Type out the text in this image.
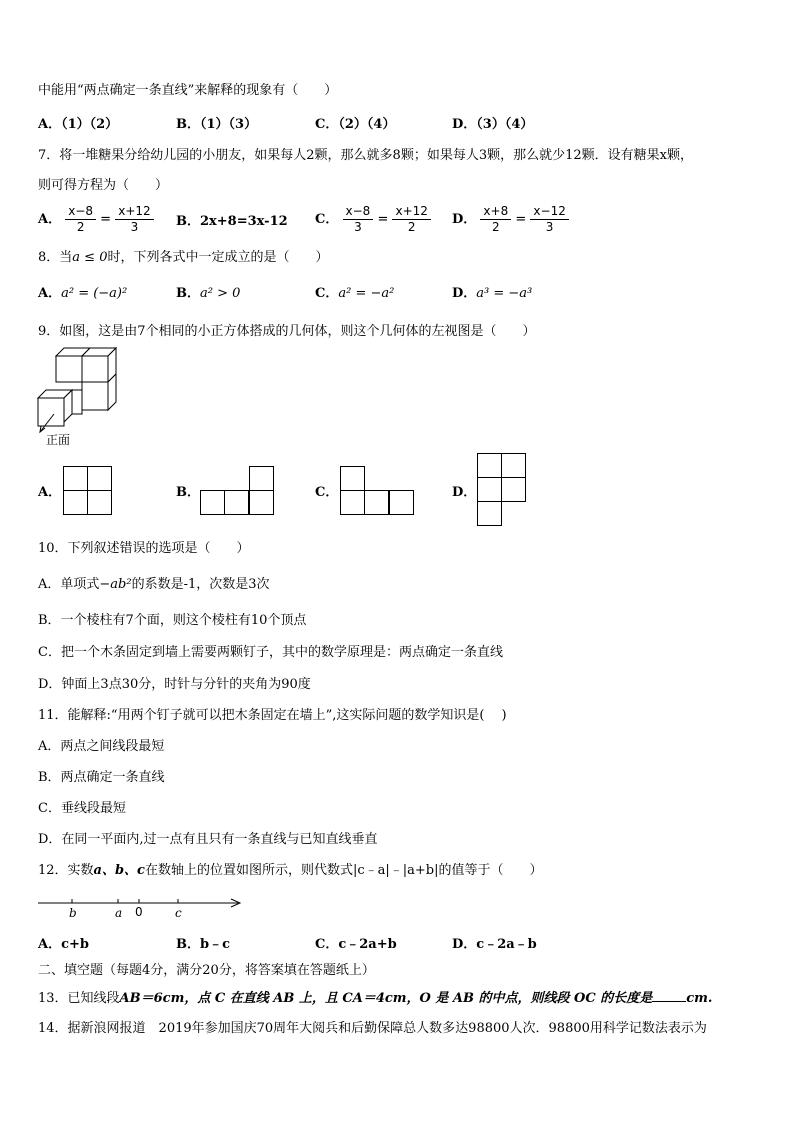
中能用“两点确定一条直线”来解释的现象有（　　）
A．（1）（2）	B．（1）（3）	C．（2）（4）	D．（3）（4）
7．将一堆糖果分给幼儿园的小朋友，如果每人2颗，那么就多8颗；如果每人3颗，那么就少12颗．设有糖果x颗，
则可得方程为（　　）
A． $\frac{x-8}{2} = \frac{x+12}{3}$ B．2x+8=3x-12 C． $\frac{x-8}{3} = \frac{x+12}{2}$ D． $\frac{x+8}{2} = \frac{x-12}{3}$
8．当a ≤ 0时，下列各式中一定成立的是（　　）
A．a² = (−a)²	B．a² > 0	C．a² = −a²	D．a³ = −a³
9．如图，这是由7个相同的小正方体搭成的几何体，则这个几何体的左视图是（　　）
正面
A．	B．	C．	D．
10．下列叙述错误的选项是（　　）
A．单项式−ab²的系数是-1，次数是3次
B．一个棱柱有7个面，则这个棱柱有10个顶点
C．把一个木条固定到墙上需要两颗钉子，其中的数学原理是：两点确定一条直线
D．钟面上3点30分，时针与分针的夹角为90度
11．能解释:“用两个钉子就可以把木条固定在墙上”,这实际问题的数学知识是(　 )
A．两点之间线段最短
B．两点确定一条直线
C．垂线段最短
D．在同一平面内,过一点有且只有一条直线与已知直线垂直
12．实数a、b、c在数轴上的位置如图所示，则代数式|c﹣a|﹣|a+b|的值等于（　　）
b	a 0	c
A．c+b	B．b﹣c	C．c﹣2a+b	D．c﹣2a﹣b
二、填空题（每题4分，满分20分，将答案填在答题纸上）
13．已知线段AB＝6cm，点 C 在直线 AB 上，且 CA＝4cm，O 是 AB 的中点，则线段 OC 的长度是	cm.
14．据新浪网报道　2019年参加国庆70周年大阅兵和后勤保障总人数多达98800人次．98800用科学记数法表示为
